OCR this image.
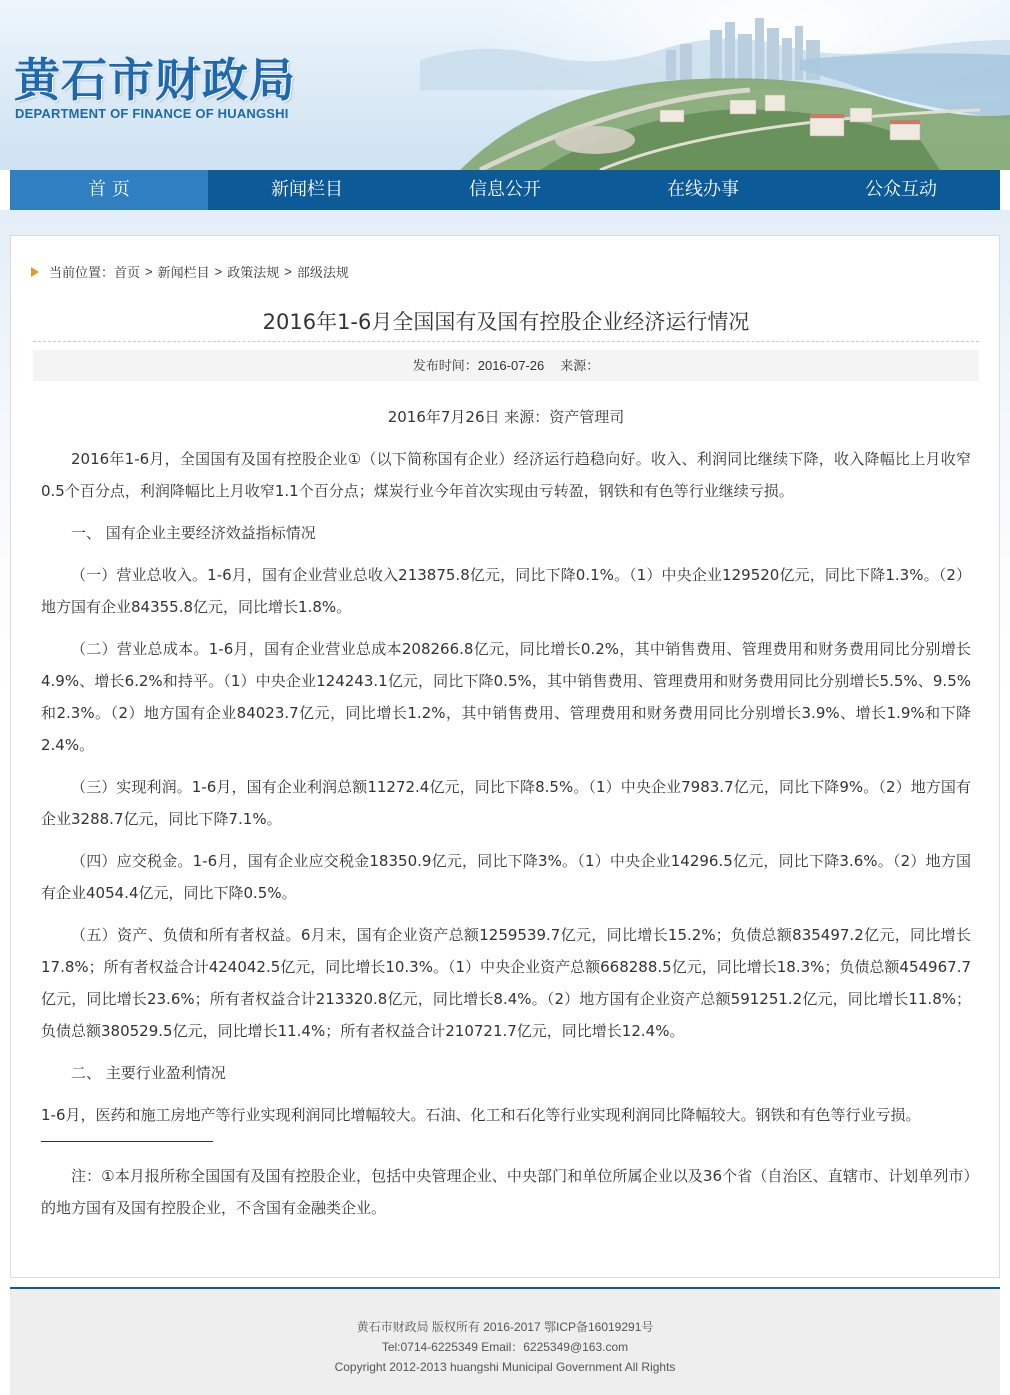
黄石市财政局
DEPARTMENT OF FINANCE OF HUANGSHI
首 页	新闻栏目	信息公开	在线办事	公众互动
当前位置： 首页 > 新闻栏目 > 政策法规 > 部级法规
2016年1-6月全国国有及国有控股企业经济运行情况
发布时间：2016-07-26 来源：

2016年7月26日 来源：资产管理司

2016年1-6月，全国国有及国有控股企业①（以下简称国有企业）经济运行趋稳向好。收入、利润同比继续下降，收入降幅比上月收窄0.5个百分点，利润降幅比上月收窄1.1个百分点；煤炭行业今年首次实现由亏转盈，钢铁和有色等行业继续亏损。

一、 国有企业主要经济效益指标情况

（一）营业总收入。1-6月，国有企业营业总收入213875.8亿元，同比下降0.1%。（1）中央企业129520亿元，同比下降1.3%。（2）地方国有企业84355.8亿元，同比增长1.8%。

（二）营业总成本。1-6月，国有企业营业总成本208266.8亿元，同比增长0.2%，其中销售费用、管理费用和财务费用同比分别增长4.9%、增长6.2%和持平。（1）中央企业124243.1亿元，同比下降0.5%，其中销售费用、管理费用和财务费用同比分别增长5.5%、9.5%和2.3%。（2）地方国有企业84023.7亿元，同比增长1.2%，其中销售费用、管理费用和财务费用同比分别增长3.9%、增长1.9%和下降2.4%。

（三）实现利润。1-6月，国有企业利润总额11272.4亿元，同比下降8.5%。（1）中央企业7983.7亿元，同比下降9%。（2）地方国有企业3288.7亿元，同比下降7.1%。

（四）应交税金。1-6月，国有企业应交税金18350.9亿元，同比下降3%。（1）中央企业14296.5亿元，同比下降3.6%。（2）地方国有企业4054.4亿元，同比下降0.5%。

（五）资产、负债和所有者权益。6月末，国有企业资产总额1259539.7亿元，同比增长15.2%；负债总额835497.2亿元，同比增长17.8%；所有者权益合计424042.5亿元，同比增长10.3%。（1）中央企业资产总额668288.5亿元，同比增长18.3%；负债总额454967.7亿元，同比增长23.6%；所有者权益合计213320.8亿元，同比增长8.4%。（2）地方国有企业资产总额591251.2亿元，同比增长11.8%；负债总额380529.5亿元，同比增长11.4%；所有者权益合计210721.7亿元，同比增长12.4%。

二、 主要行业盈利情况

1-6月，医药和施工房地产等行业实现利润同比增幅较大。石油、化工和石化等行业实现利润同比降幅较大。钢铁和有色等行业亏损。

注：①本月报所称全国国有及国有控股企业，包括中央管理企业、中央部门和单位所属企业以及36个省（自治区、直辖市、计划单列市）的地方国有及国有控股企业，不含国有金融类企业。

黄石市财政局 版权所有 2016-2017 鄂ICP备16019291号
Tel:0714-6225349 Email：6225349@163.com
Copyright 2012-2013 huangshi Municipal Government All Rights
